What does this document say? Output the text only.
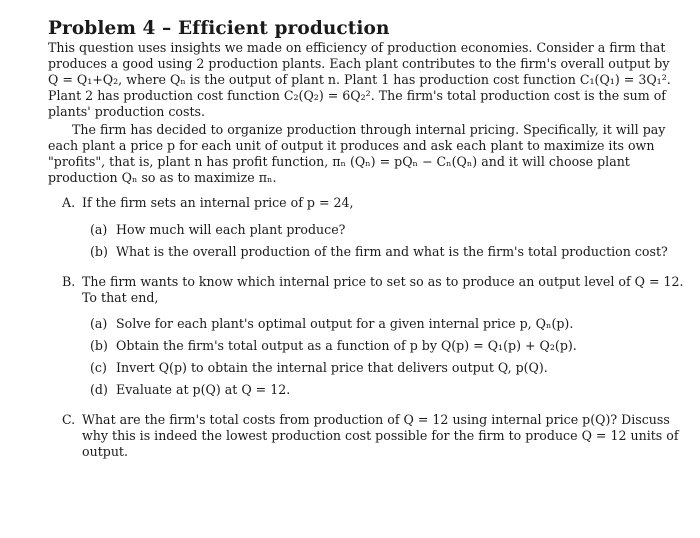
Problem 4 – Efficient production
This question uses insights we made on efficiency of production economies. Consider a firm that
produces a good using 2 production plants. Each plant contributes to the firm's overall output by
Q = Q₁+Q₂, where Qₙ is the output of plant n. Plant 1 has production cost function C₁(Q₁) = 3Q₁².
Plant 2 has production cost function C₂(Q₂) = 6Q₂². The firm's total production cost is the sum of
plants' production costs.
The firm has decided to organize production through internal pricing. Specifically, it will pay
each plant a price p for each unit of output it produces and ask each plant to maximize its own
"profits", that is, plant n has profit function, πₙ (Qₙ) = pQₙ − Cₙ(Qₙ) and it will choose plant
production Qₙ so as to maximize πₙ.
A. If the firm sets an internal price of p = 24,
(a) How much will each plant produce?
(b) What is the overall production of the firm and what is the firm's total production cost?
B. The firm wants to know which internal price to set so as to produce an output level of Q = 12.
To that end,
(a) Solve for each plant's optimal output for a given internal price p, Qₙ(p).
(b) Obtain the firm's total output as a function of p by Q(p) = Q₁(p) + Q₂(p).
(c) Invert Q(p) to obtain the internal price that delivers output Q, p(Q).
(d) Evaluate at p(Q) at Q = 12.
C. What are the firm's total costs from production of Q = 12 using internal price p(Q)? Discuss
why this is indeed the lowest production cost possible for the firm to produce Q = 12 units of
output.
